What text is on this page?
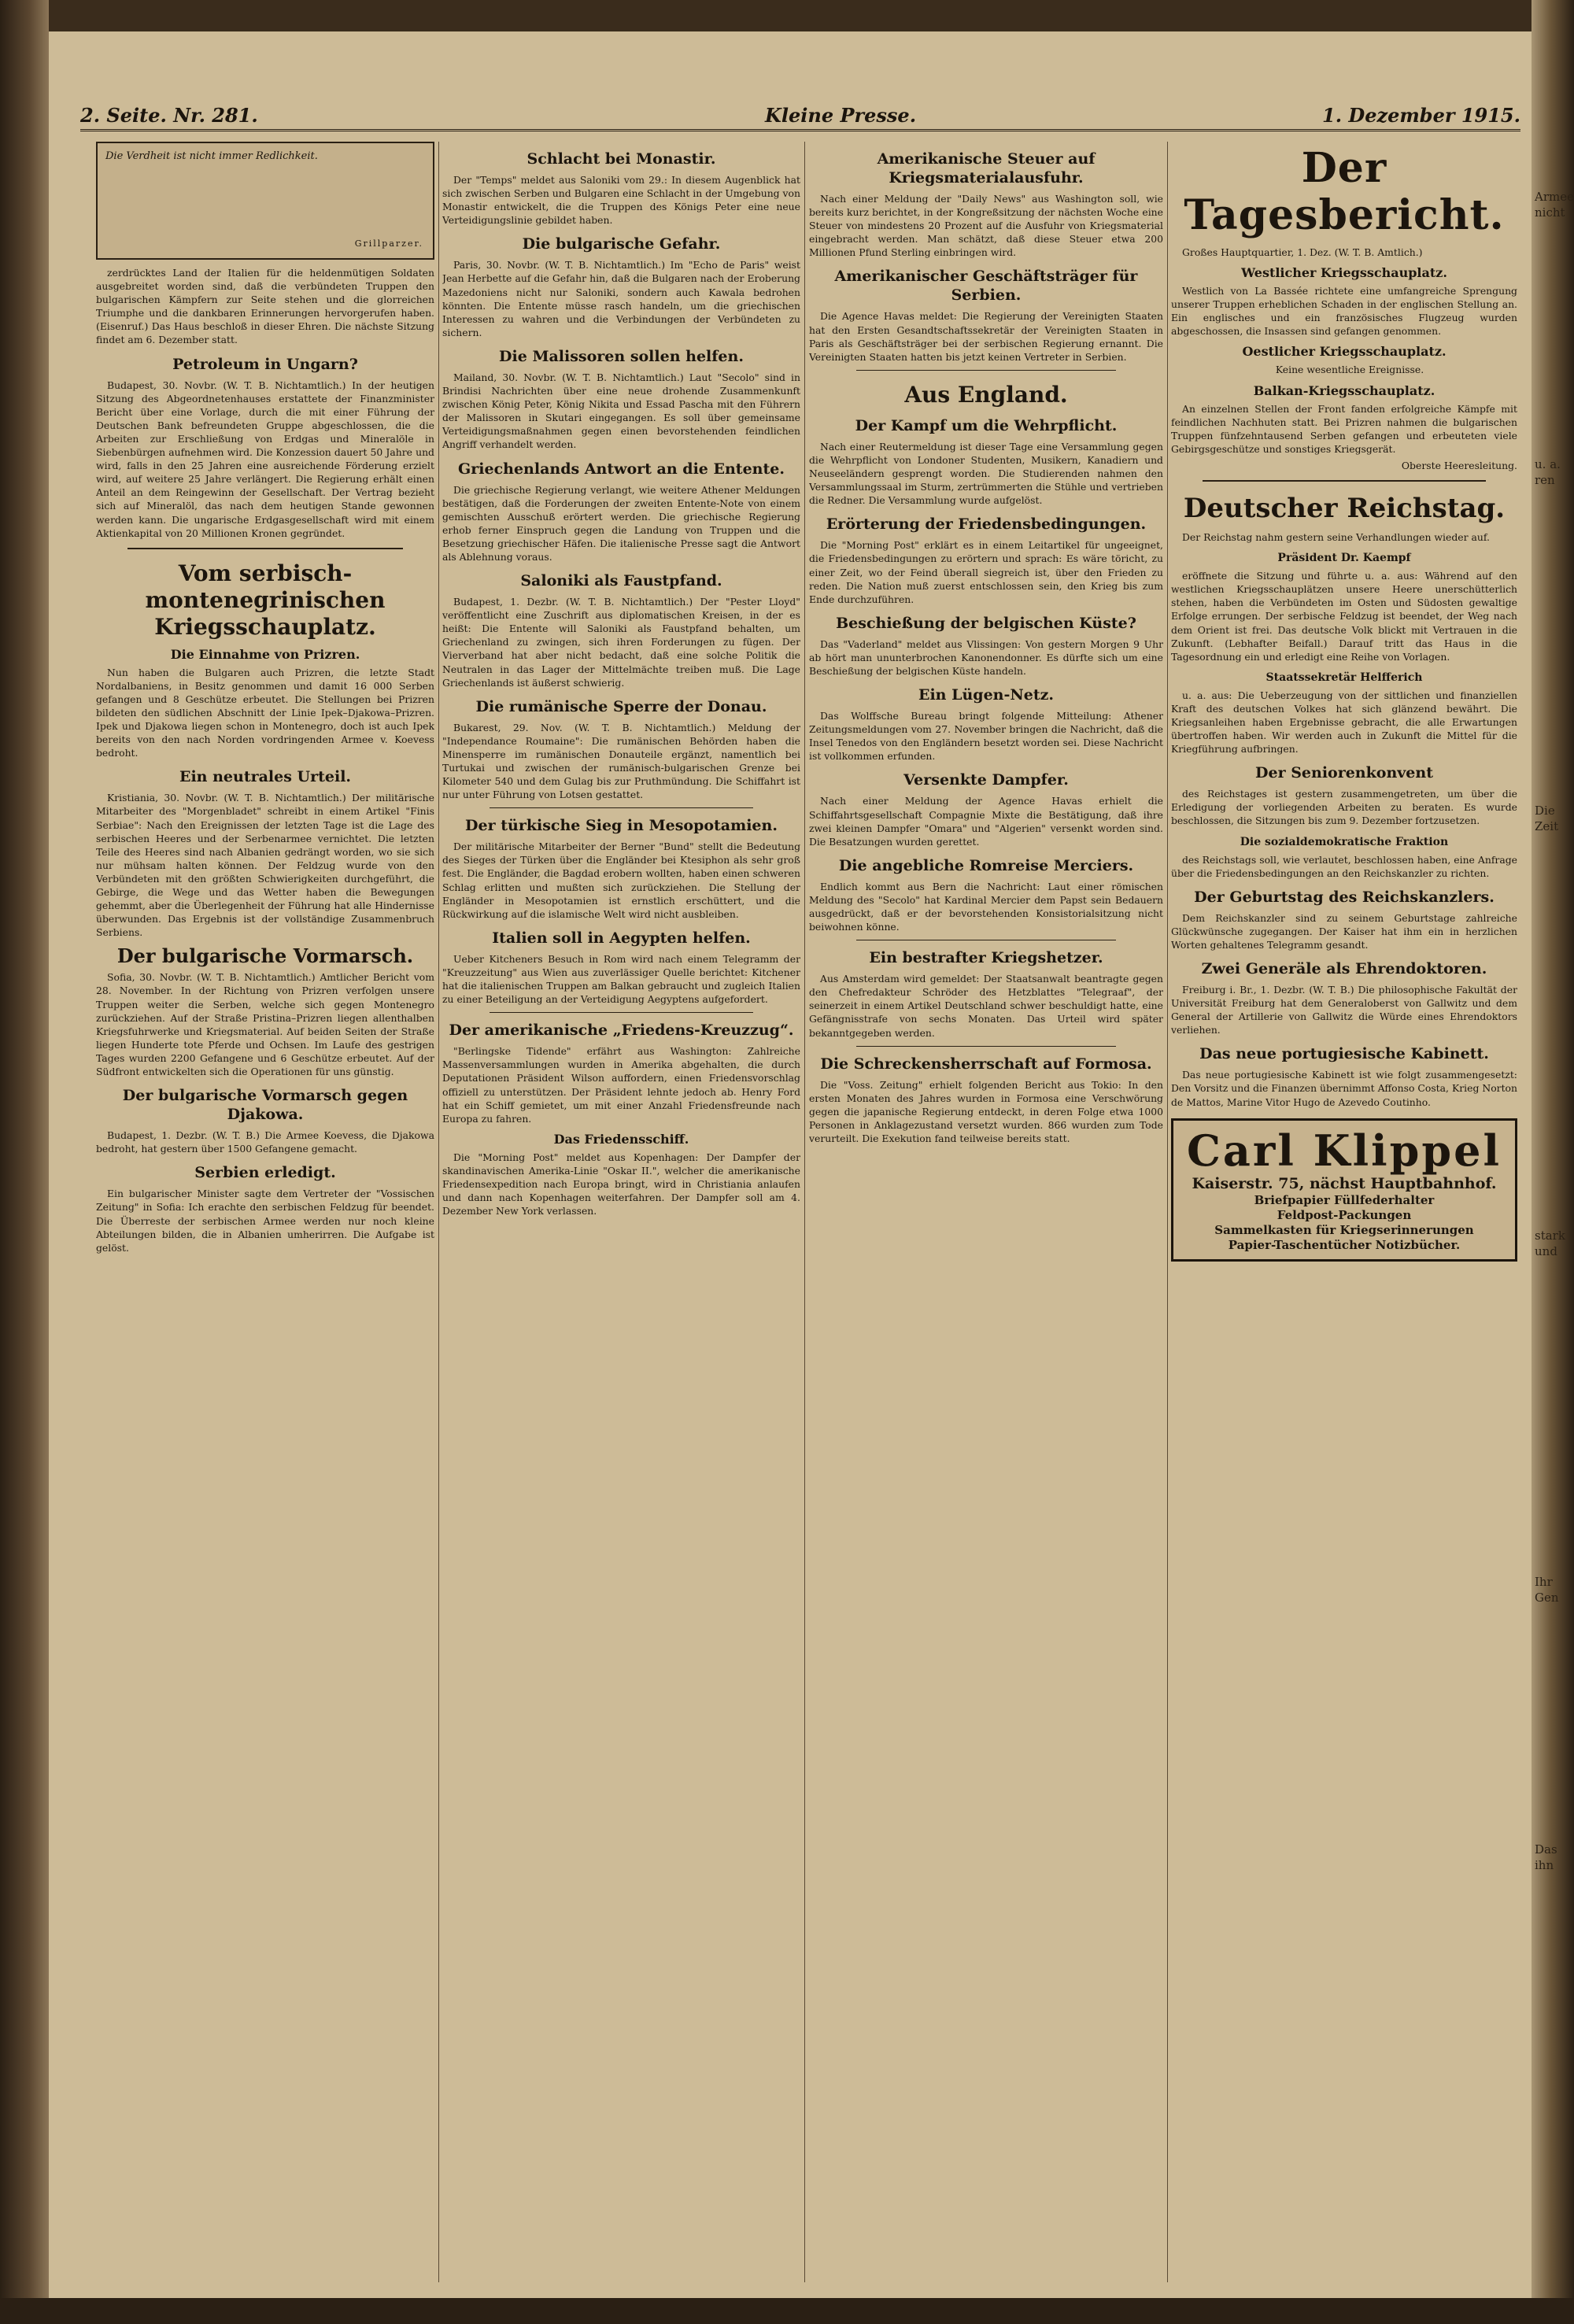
Armee
nicht
u. a.
ren
Die
Zeit
stark
und
Ihr
Gen
Das
ihn
2. Seite. Nr. 281.	Kleine Presse.	1. Dezember 1915.
Die Verdheit ist nicht immer Redlichkeit.
Grillparzer.

zerdrücktes Land der Italien für die heldenmütigen Soldaten ausgebreitet worden sind, daß die verbündeten Truppen den bulgarischen Kämpfern zur Seite stehen und die glorreichen Triumphe und die dankbaren Erinnerungen hervorgerufen haben. (Eisenruf.) Das Haus beschloß in dieser Ehren. Die nächste Sitzung findet am 6. Dezember statt.

Petroleum in Ungarn?

Budapest, 30. Novbr. (W. T. B. Nichtamtlich.) In der heutigen Sitzung des Abgeordnetenhauses erstattete der Finanzminister Bericht über eine Vorlage, durch die mit einer Führung der Deutschen Bank befreundeten Gruppe abgeschlossen, die die Arbeiten zur Erschließung von Erdgas und Mineralöle in Siebenbürgen aufnehmen wird. Die Konzession dauert 50 Jahre und wird, falls in den 25 Jahren eine ausreichende Förderung erzielt wird, auf weitere 25 Jahre verlängert. Die Regierung erhält einen Anteil an dem Reingewinn der Gesellschaft. Der Vertrag bezieht sich auf Mineralöl, das nach dem heutigen Stande gewonnen werden kann. Die ungarische Erdgasgesellschaft wird mit einem Aktienkapital von 20 Millionen Kronen gegründet.

Vom serbisch-montenegrinischen Kriegsschauplatz.
Die Einnahme von Prizren.

Nun haben die Bulgaren auch Prizren, die letzte Stadt Nordalbaniens, in Besitz genommen und damit 16 000 Serben gefangen und 8 Geschütze erbeutet. Die Stellungen bei Prizren bildeten den südlichen Abschnitt der Linie Ipek–Djakowa–Prizren. Ipek und Djakowa liegen schon in Montenegro, doch ist auch Ipek bereits von den nach Norden vordringenden Armee v. Koevess bedroht.

Ein neutrales Urteil.

Kristiania, 30. Novbr. (W. T. B. Nichtamtlich.) Der militärische Mitarbeiter des "Morgenbladet" schreibt in einem Artikel "Finis Serbiae": Nach den Ereignissen der letzten Tage ist die Lage des serbischen Heeres und der Serbenarmee vernichtet. Die letzten Teile des Heeres sind nach Albanien gedrängt worden, wo sie sich nur mühsam halten können. Der Feldzug wurde von den Verbündeten mit den größten Schwierigkeiten durchgeführt, die Gebirge, die Wege und das Wetter haben die Bewegungen gehemmt, aber die Überlegenheit der Führung hat alle Hindernisse überwunden. Das Ergebnis ist der vollständige Zusammenbruch Serbiens.

Der bulgarische Vormarsch.

Sofia, 30. Novbr. (W. T. B. Nichtamtlich.) Amtlicher Bericht vom 28. November. In der Richtung von Prizren verfolgen unsere Truppen weiter die Serben, welche sich gegen Montenegro zurückziehen. Auf der Straße Pristina–Prizren liegen allenthalben Kriegsfuhrwerke und Kriegsmaterial. Auf beiden Seiten der Straße liegen Hunderte tote Pferde und Ochsen. Im Laufe des gestrigen Tages wurden 2200 Gefangene und 6 Geschütze erbeutet. Auf der Südfront entwickelten sich die Operationen für uns günstig.

Der bulgarische Vormarsch gegen Djakowa.

Budapest, 1. Dezbr. (W. T. B.) Die Armee Koevess, die Djakowa bedroht, hat gestern über 1500 Gefangene gemacht.

Serbien erledigt.

Ein bulgarischer Minister sagte dem Vertreter der "Vossischen Zeitung" in Sofia: Ich erachte den serbischen Feldzug für beendet. Die Überreste der serbischen Armee werden nur noch kleine Abteilungen bilden, die in Albanien umherirren. Die Aufgabe ist gelöst.

Schlacht bei Monastir.

Der "Temps" meldet aus Saloniki vom 29.: In diesem Augenblick hat sich zwischen Serben und Bulgaren eine Schlacht in der Umgebung von Monastir entwickelt, die die Truppen des Königs Peter eine neue Verteidigungslinie gebildet haben.

Die bulgarische Gefahr.

Paris, 30. Novbr. (W. T. B. Nichtamtlich.) Im "Echo de Paris" weist Jean Herbette auf die Gefahr hin, daß die Bulgaren nach der Eroberung Mazedoniens nicht nur Saloniki, sondern auch Kawala bedrohen könnten. Die Entente müsse rasch handeln, um die griechischen Interessen zu wahren und die Verbindungen der Verbündeten zu sichern.

Die Malissoren sollen helfen.

Mailand, 30. Novbr. (W. T. B. Nichtamtlich.) Laut "Secolo" sind in Brindisi Nachrichten über eine neue drohende Zusammenkunft zwischen König Peter, König Nikita und Essad Pascha mit den Führern der Malissoren in Skutari eingegangen. Es soll über gemeinsame Verteidigungsmaßnahmen gegen einen bevorstehenden feindlichen Angriff verhandelt werden.

Griechenlands Antwort an die Entente.

Die griechische Regierung verlangt, wie weitere Athener Meldungen bestätigen, daß die Forderungen der zweiten Entente-Note von einem gemischten Ausschuß erörtert werden. Die griechische Regierung erhob ferner Einspruch gegen die Landung von Truppen und die Besetzung griechischer Häfen. Die italienische Presse sagt die Antwort als Ablehnung voraus.

Saloniki als Faustpfand.

Budapest, 1. Dezbr. (W. T. B. Nichtamtlich.) Der "Pester Lloyd" veröffentlicht eine Zuschrift aus diplomatischen Kreisen, in der es heißt: Die Entente will Saloniki als Faustpfand behalten, um Griechenland zu zwingen, sich ihren Forderungen zu fügen. Der Vierverband hat aber nicht bedacht, daß eine solche Politik die Neutralen in das Lager der Mittelmächte treiben muß. Die Lage Griechenlands ist äußerst schwierig.

Die rumänische Sperre der Donau.

Bukarest, 29. Nov. (W. T. B. Nichtamtlich.) Meldung der "Independance Roumaine": Die rumänischen Behörden haben die Minensperre im rumänischen Donauteile ergänzt, namentlich bei Turtukai und zwischen der rumänisch-bulgarischen Grenze bei Kilometer 540 und dem Gulag bis zur Pruthmündung. Die Schiffahrt ist nur unter Führung von Lotsen gestattet.

Der türkische Sieg in Mesopotamien.

Der militärische Mitarbeiter der Berner "Bund" stellt die Bedeutung des Sieges der Türken über die Engländer bei Ktesiphon als sehr groß fest. Die Engländer, die Bagdad erobern wollten, haben einen schweren Schlag erlitten und mußten sich zurückziehen. Die Stellung der Engländer in Mesopotamien ist ernstlich erschüttert, und die Rückwirkung auf die islamische Welt wird nicht ausbleiben.

Italien soll in Aegypten helfen.

Ueber Kitcheners Besuch in Rom wird nach einem Telegramm der "Kreuzzeitung" aus Wien aus zuverlässiger Quelle berichtet: Kitchener hat die italienischen Truppen am Balkan gebraucht und zugleich Italien zu einer Beteiligung an der Verteidigung Aegyptens aufgefordert.

Der amerikanische „Friedens-Kreuzzug“.

"Berlingske Tidende" erfährt aus Washington: Zahlreiche Massenversammlungen wurden in Amerika abgehalten, die durch Deputationen Präsident Wilson auffordern, einen Friedensvorschlag offiziell zu unterstützen. Der Präsident lehnte jedoch ab. Henry Ford hat ein Schiff gemietet, um mit einer Anzahl Friedensfreunde nach Europa zu fahren.

Das Friedensschiff.

Die "Morning Post" meldet aus Kopenhagen: Der Dampfer der skandinavischen Amerika-Linie "Oskar II.", welcher die amerikanische Friedensexpedition nach Europa bringt, wird in Christiania anlaufen und dann nach Kopenhagen weiterfahren. Der Dampfer soll am 4. Dezember New York verlassen.

Amerikanische Steuer auf Kriegsmaterialausfuhr.

Nach einer Meldung der "Daily News" aus Washington soll, wie bereits kurz berichtet, in der Kongreßsitzung der nächsten Woche eine Steuer von mindestens 20 Prozent auf die Ausfuhr von Kriegsmaterial eingebracht werden. Man schätzt, daß diese Steuer etwa 200 Millionen Pfund Sterling einbringen wird.

Amerikanischer Geschäftsträger für Serbien.

Die Agence Havas meldet: Die Regierung der Vereinigten Staaten hat den Ersten Gesandtschaftssekretär der Vereinigten Staaten in Paris als Geschäftsträger bei der serbischen Regierung ernannt. Die Vereinigten Staaten hatten bis jetzt keinen Vertreter in Serbien.

Aus England.
Der Kampf um die Wehrpflicht.

Nach einer Reutermeldung ist dieser Tage eine Versammlung gegen die Wehrpflicht von Londoner Studenten, Musikern, Kanadiern und Neuseeländern gesprengt worden. Die Studierenden nahmen den Versammlungssaal im Sturm, zertrümmerten die Stühle und vertrieben die Redner. Die Versammlung wurde aufgelöst.

Erörterung der Friedensbedingungen.

Die "Morning Post" erklärt es in einem Leitartikel für ungeeignet, die Friedensbedingungen zu erörtern und sprach: Es wäre töricht, zu einer Zeit, wo der Feind überall siegreich ist, über den Frieden zu reden. Die Nation muß zuerst entschlossen sein, den Krieg bis zum Ende durchzuführen.

Beschießung der belgischen Küste?

Das "Vaderland" meldet aus Vlissingen: Von gestern Morgen 9 Uhr ab hört man ununterbrochen Kanonendonner. Es dürfte sich um eine Beschießung der belgischen Küste handeln.

Ein Lügen-Netz.

Das Wolffsche Bureau bringt folgende Mitteilung: Athener Zeitungsmeldungen vom 27. November bringen die Nachricht, daß die Insel Tenedos von den Engländern besetzt worden sei. Diese Nachricht ist vollkommen erfunden.

Versenkte Dampfer.

Nach einer Meldung der Agence Havas erhielt die Schiffahrtsgesellschaft Compagnie Mixte die Bestätigung, daß ihre zwei kleinen Dampfer "Omara" und "Algerien" versenkt worden sind. Die Besatzungen wurden gerettet.

Die angebliche Romreise Merciers.

Endlich kommt aus Bern die Nachricht: Laut einer römischen Meldung des "Secolo" hat Kardinal Mercier dem Papst sein Bedauern ausgedrückt, daß er der bevorstehenden Konsistorialsitzung nicht beiwohnen könne.

Ein bestrafter Kriegshetzer.

Aus Amsterdam wird gemeldet: Der Staatsanwalt beantragte gegen den Chefredakteur Schröder des Hetzblattes "Telegraaf", der seinerzeit in einem Artikel Deutschland schwer beschuldigt hatte, eine Gefängnisstrafe von sechs Monaten. Das Urteil wird später bekanntgegeben werden.

Die Schreckensherrschaft auf Formosa.

Die "Voss. Zeitung" erhielt folgenden Bericht aus Tokio: In den ersten Monaten des Jahres wurden in Formosa eine Verschwörung gegen die japanische Regierung entdeckt, in deren Folge etwa 1000 Personen in Anklagezustand versetzt wurden. 866 wurden zum Tode verurteilt. Die Exekution fand teilweise bereits statt.

Der Tagesbericht.

Großes Hauptquartier, 1. Dez. (W. T. B. Amtlich.)

Westlicher Kriegsschauplatz.

Westlich von La Bassée richtete eine umfangreiche Sprengung unserer Truppen erheblichen Schaden in der englischen Stellung an. Ein englisches und ein französisches Flugzeug wurden abgeschossen, die Insassen sind gefangen genommen.

Oestlicher Kriegsschauplatz.

Keine wesentliche Ereignisse.

Balkan-Kriegsschauplatz.

An einzelnen Stellen der Front fanden erfolgreiche Kämpfe mit feindlichen Nachhuten statt. Bei Prizren nahmen die bulgarischen Truppen fünfzehntausend Serben gefangen und erbeuteten viele Gebirgsgeschütze und sonstiges Kriegsgerät.

Oberste Heeresleitung.

Deutscher Reichstag.

Der Reichstag nahm gestern seine Verhandlungen wieder auf.

Präsident Dr. Kaempf

eröffnete die Sitzung und führte u. a. aus: Während auf den westlichen Kriegsschauplätzen unsere Heere unerschütterlich stehen, haben die Verbündeten im Osten und Südosten gewaltige Erfolge errungen. Der serbische Feldzug ist beendet, der Weg nach dem Orient ist frei. Das deutsche Volk blickt mit Vertrauen in die Zukunft. (Lebhafter Beifall.) Darauf tritt das Haus in die Tagesordnung ein und erledigt eine Reihe von Vorlagen.

Staatssekretär Helfferich

u. a. aus: Die Ueberzeugung von der sittlichen und finanziellen Kraft des deutschen Volkes hat sich glänzend bewährt. Die Kriegsanleihen haben Ergebnisse gebracht, die alle Erwartungen übertroffen haben. Wir werden auch in Zukunft die Mittel für die Kriegführung aufbringen.

Der Seniorenkonvent

des Reichstages ist gestern zusammengetreten, um über die Erledigung der vorliegenden Arbeiten zu beraten. Es wurde beschlossen, die Sitzungen bis zum 9. Dezember fortzusetzen.

Die sozialdemokratische Fraktion

des Reichstags soll, wie verlautet, beschlossen haben, eine Anfrage über die Friedensbedingungen an den Reichskanzler zu richten.

Der Geburtstag des Reichskanzlers.

Dem Reichskanzler sind zu seinem Geburtstage zahlreiche Glückwünsche zugegangen. Der Kaiser hat ihm ein in herzlichen Worten gehaltenes Telegramm gesandt.

Zwei Generäle als Ehrendoktoren.

Freiburg i. Br., 1. Dezbr. (W. T. B.) Die philosophische Fakultät der Universität Freiburg hat dem Generaloberst von Gallwitz und dem General der Artillerie von Gallwitz die Würde eines Ehrendoktors verliehen.

Das neue portugiesische Kabinett.

Das neue portugiesische Kabinett ist wie folgt zusammengesetzt: Den Vorsitz und die Finanzen übernimmt Affonso Costa, Krieg Norton de Mattos, Marine Vitor Hugo de Azevedo Coutinho.

Carl Klippel
Kaiserstr. 75, nächst Hauptbahnhof.
Briefpapier Füllfederhalter
Feldpost-Packungen
Sammelkasten für Kriegserinnerungen
Papier-Taschentücher Notizbücher.
